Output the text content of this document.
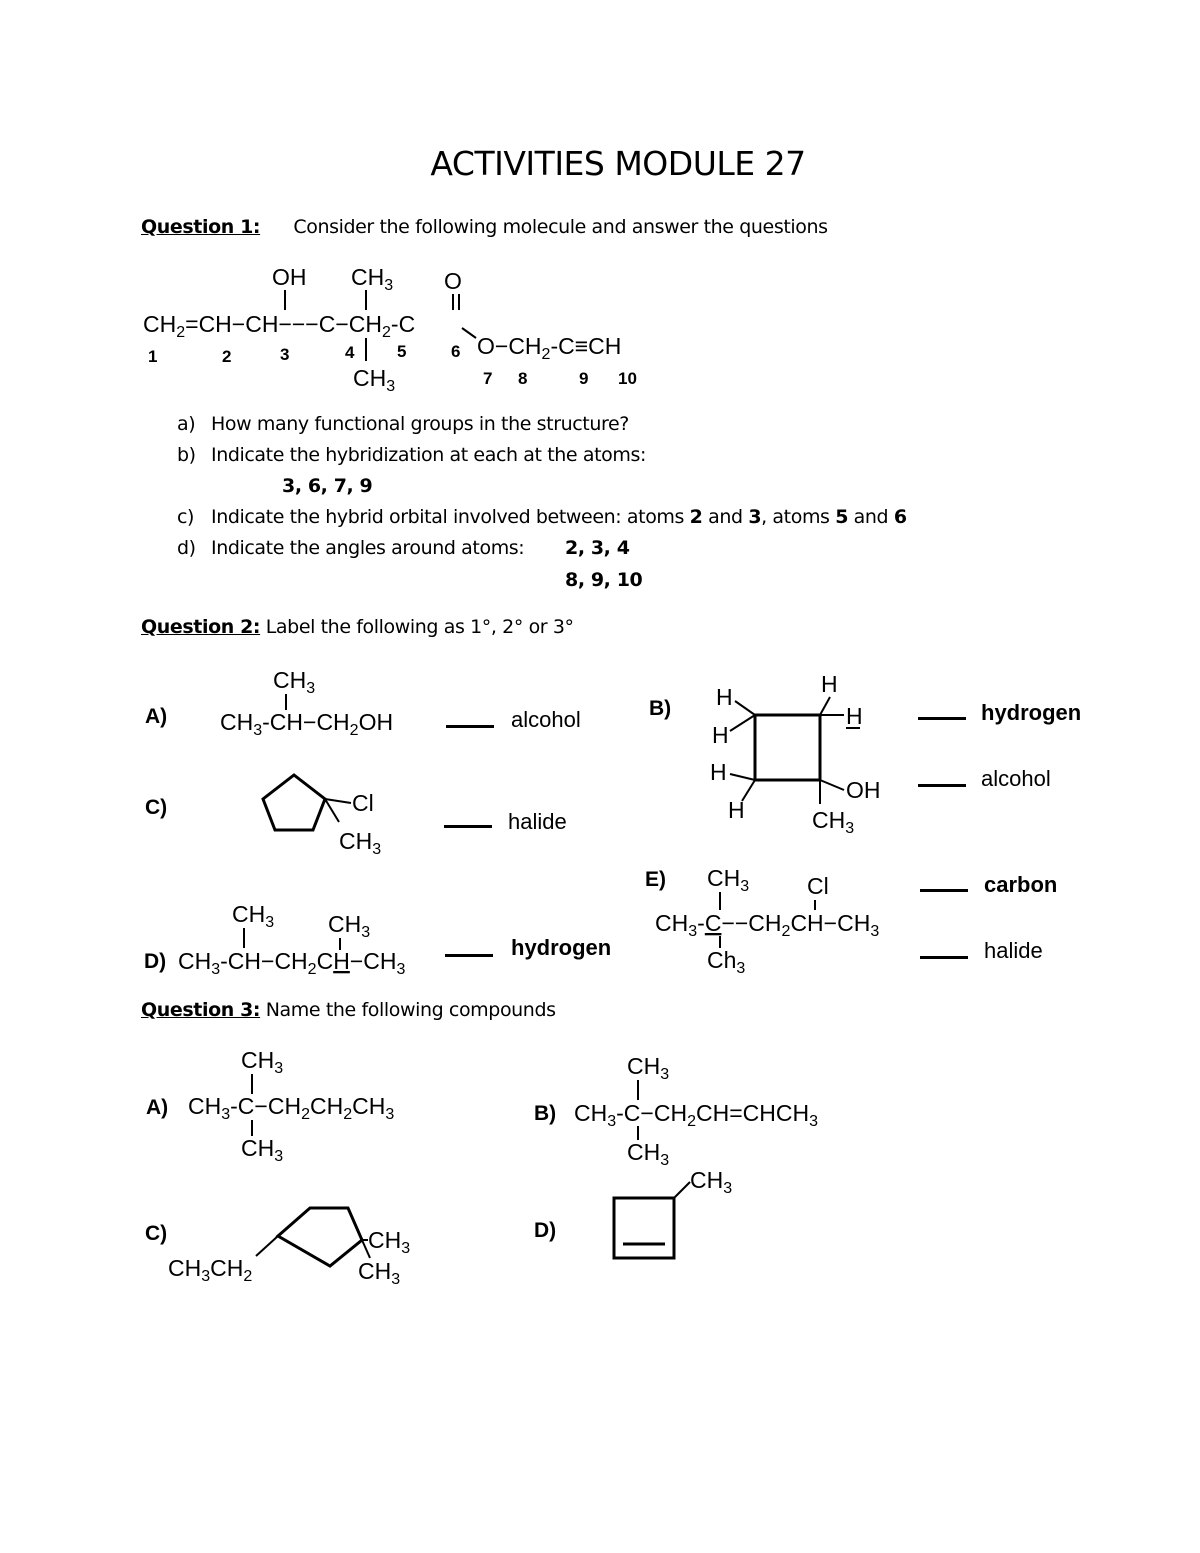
ACTIVITIES MODULE 27
Question 1: Consider the following molecule and answer the questions
OH $CH_3$ O
$CH_2=CH-CH---C-CH_2-C$
$O-CH_2-C\equiv CH$
$CH_3$
1	2	3	4	5	6
7 8	9 10
a) How many functional groups in the structure?
b) Indicate the hybridization at each at the atoms:
3, 6, 7, 9
c) Indicate the hybrid orbital involved between: atoms 2 and 3, atoms 5 and 6
d) Indicate the angles around atoms: 2, 3, 4
8, 9, 10
Question 2: Label the following as 1°, 2° or 3°
A)
$CH_3$
$CH_3-CH-CH_2OH$	alcohol	B) H
H
H
H
H
H
OH
$CH_3$
hydrogen
alcohol
C)	Cl
$CH_3$
halide
$CH_3$ $CH_3$
$CH_3-CH-CH_2CH-CH_3$
D)
hydrogen
E) $CH_3$	Cl
$CH_3-C--CH_2CH-CH_3$
$Ch_3$
carbon
halide
Question 3: Name the following compounds
A)
$CH_3$
$CH_3-C-CH_2CH_2CH_3$
$CH_3$
B)
$CH_3$
$CH_3-C-CH_2CH=CHCH_3$
$CH_3$
C)
$CH_3CH_2$
$CH_3$
$CH_3$
D)
$CH_3$
